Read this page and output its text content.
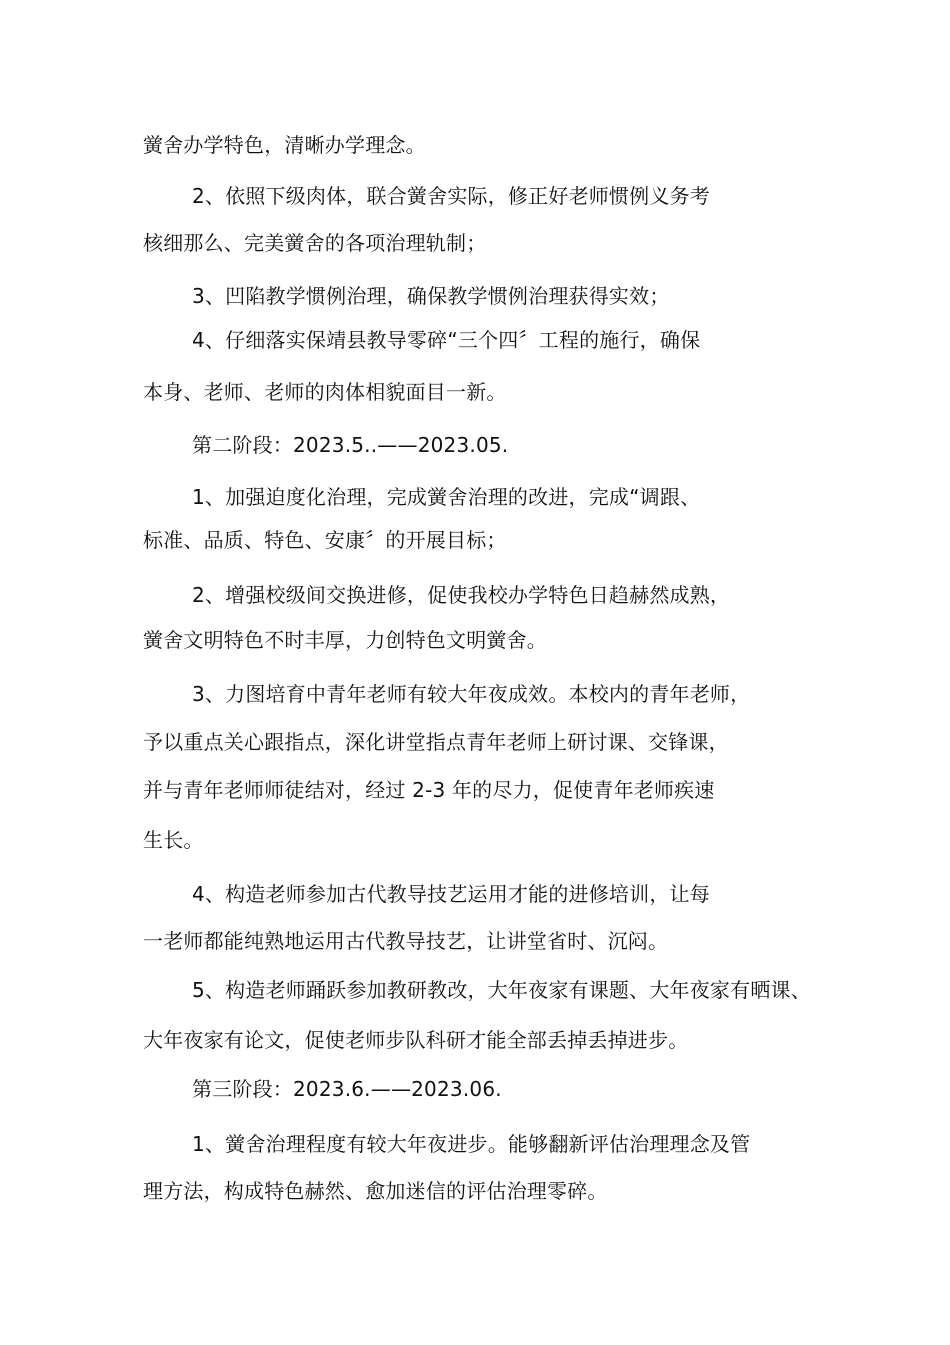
黉舍办学特色，清晰办学理念。
2、依照下级肉体，联合黉舍实际，修正好老师惯例义务考
核细那么、完美黉舍的各项治理轨制；
3、凹陷教学惯例治理，确保教学惯例治理获得实效；
4、仔细落实保靖县教导零碎“三个四〞工程的施行，确保
本身、老师、老师的肉体相貌面目一新。
第二阶段：2023.5..——2023.05.
1、加强迫度化治理，完成黉舍治理的改进，完成“调跟、
标准、品质、特色、安康〞的开展目标；
2、增强校级间交换进修，促使我校办学特色日趋赫然成熟，
黉舍文明特色不时丰厚，力创特色文明黉舍。
3、力图培育中青年老师有较大年夜成效。本校内的青年老师，
予以重点关心跟指点，深化讲堂指点青年老师上研讨课、交锋课，
并与青年老师师徒结对，经过 2-3 年的尽力，促使青年老师疾速
生长。
4、构造老师参加古代教导技艺运用才能的进修培训，让每
一老师都能纯熟地运用古代教导技艺，让讲堂省时、沉闷。
5、构造老师踊跃参加教研教改，大年夜家有课题、大年夜家有晒课、
大年夜家有论文，促使老师步队科研才能全部丢掉丢掉进步。
第三阶段：2023.6.——2023.06.
1、黉舍治理程度有较大年夜进步。能够翻新评估治理理念及管
理方法，构成特色赫然、愈加迷信的评估治理零碎。
